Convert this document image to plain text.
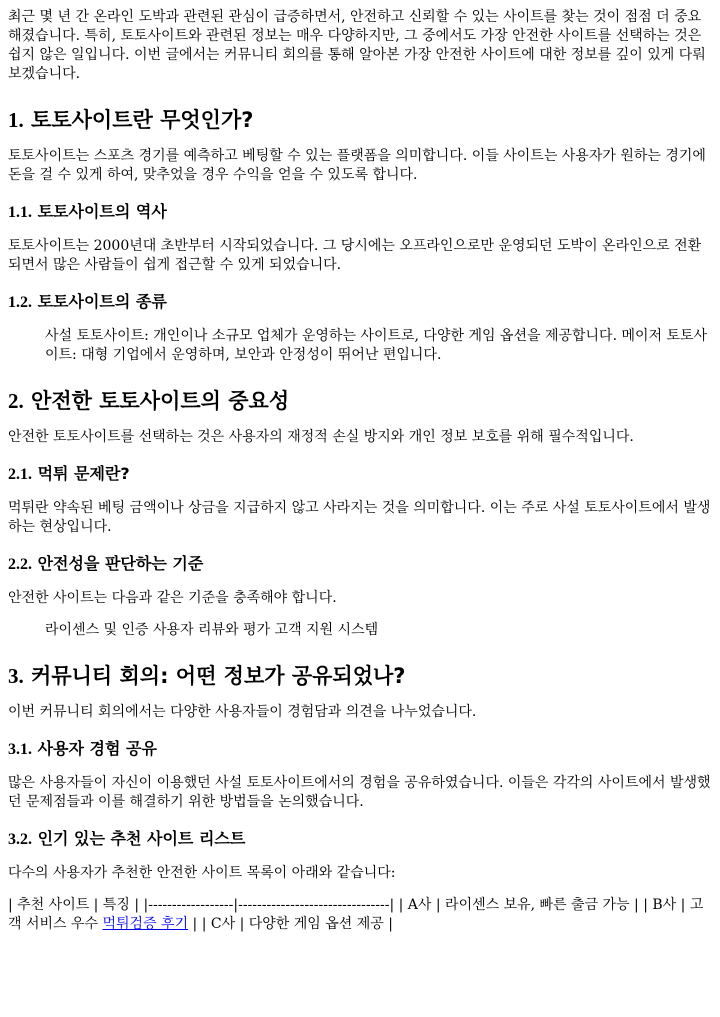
최근 몇 년 간 온라인 도박과 관련된 관심이 급증하면서, 안전하고 신뢰할 수 있는 사이트를 찾는 것이 점점 더 중요해졌습니다. 특히, 토토사이트와 관련된 정보는 매우 다양하지만, 그 중에서도 가장 안전한 사이트를 선택하는 것은 쉽지 않은 일입니다. 이번 글에서는 커뮤니티 회의를 통해 알아본 가장 안전한 사이트에 대한 정보를 깊이 있게 다뤄보겠습니다.

1. 토토사이트란 무엇인가?

토토사이트는 스포츠 경기를 예측하고 베팅할 수 있는 플랫폼을 의미합니다. 이들 사이트는 사용자가 원하는 경기에 돈을 걸 수 있게 하여, 맞추었을 경우 수익을 얻을 수 있도록 합니다.

1.1. 토토사이트의 역사

토토사이트는 2000년대 초반부터 시작되었습니다. 그 당시에는 오프라인으로만 운영되던 도박이 온라인으로 전환되면서 많은 사람들이 쉽게 접근할 수 있게 되었습니다.

1.2. 토토사이트의 종류

사설 토토사이트: 개인이나 소규모 업체가 운영하는 사이트로, 다양한 게임 옵션을 제공합니다. 메이저 토토사이트: 대형 기업에서 운영하며, 보안과 안정성이 뛰어난 편입니다.

2. 안전한 토토사이트의 중요성

안전한 토토사이트를 선택하는 것은 사용자의 재정적 손실 방지와 개인 정보 보호를 위해 필수적입니다.

2.1. 먹튀 문제란?

먹튀란 약속된 베팅 금액이나 상금을 지급하지 않고 사라지는 것을 의미합니다. 이는 주로 사설 토토사이트에서 발생하는 현상입니다.

2.2. 안전성을 판단하는 기준

안전한 사이트는 다음과 같은 기준을 충족해야 합니다.

라이센스 및 인증 사용자 리뷰와 평가 고객 지원 시스템

3. 커뮤니티 회의: 어떤 정보가 공유되었나?

이번 커뮤니티 회의에서는 다양한 사용자들이 경험담과 의견을 나누었습니다.

3.1. 사용자 경험 공유

많은 사용자들이 자신이 이용했던 사설 토토사이트에서의 경험을 공유하였습니다. 이들은 각각의 사이트에서 발생했던 문제점들과 이를 해결하기 위한 방법들을 논의했습니다.

3.2. 인기 있는 추천 사이트 리스트

다수의 사용자가 추천한 안전한 사이트 목록이 아래와 같습니다:

| 추천 사이트 | 특징 | |------------------|--------------------------------| | A사 | 라이센스 보유, 빠른 출금 가능 | | B사 | 고객 서비스 우수 먹튀검증 후기 | | C사 | 다양한 게임 옵션 제공 |
